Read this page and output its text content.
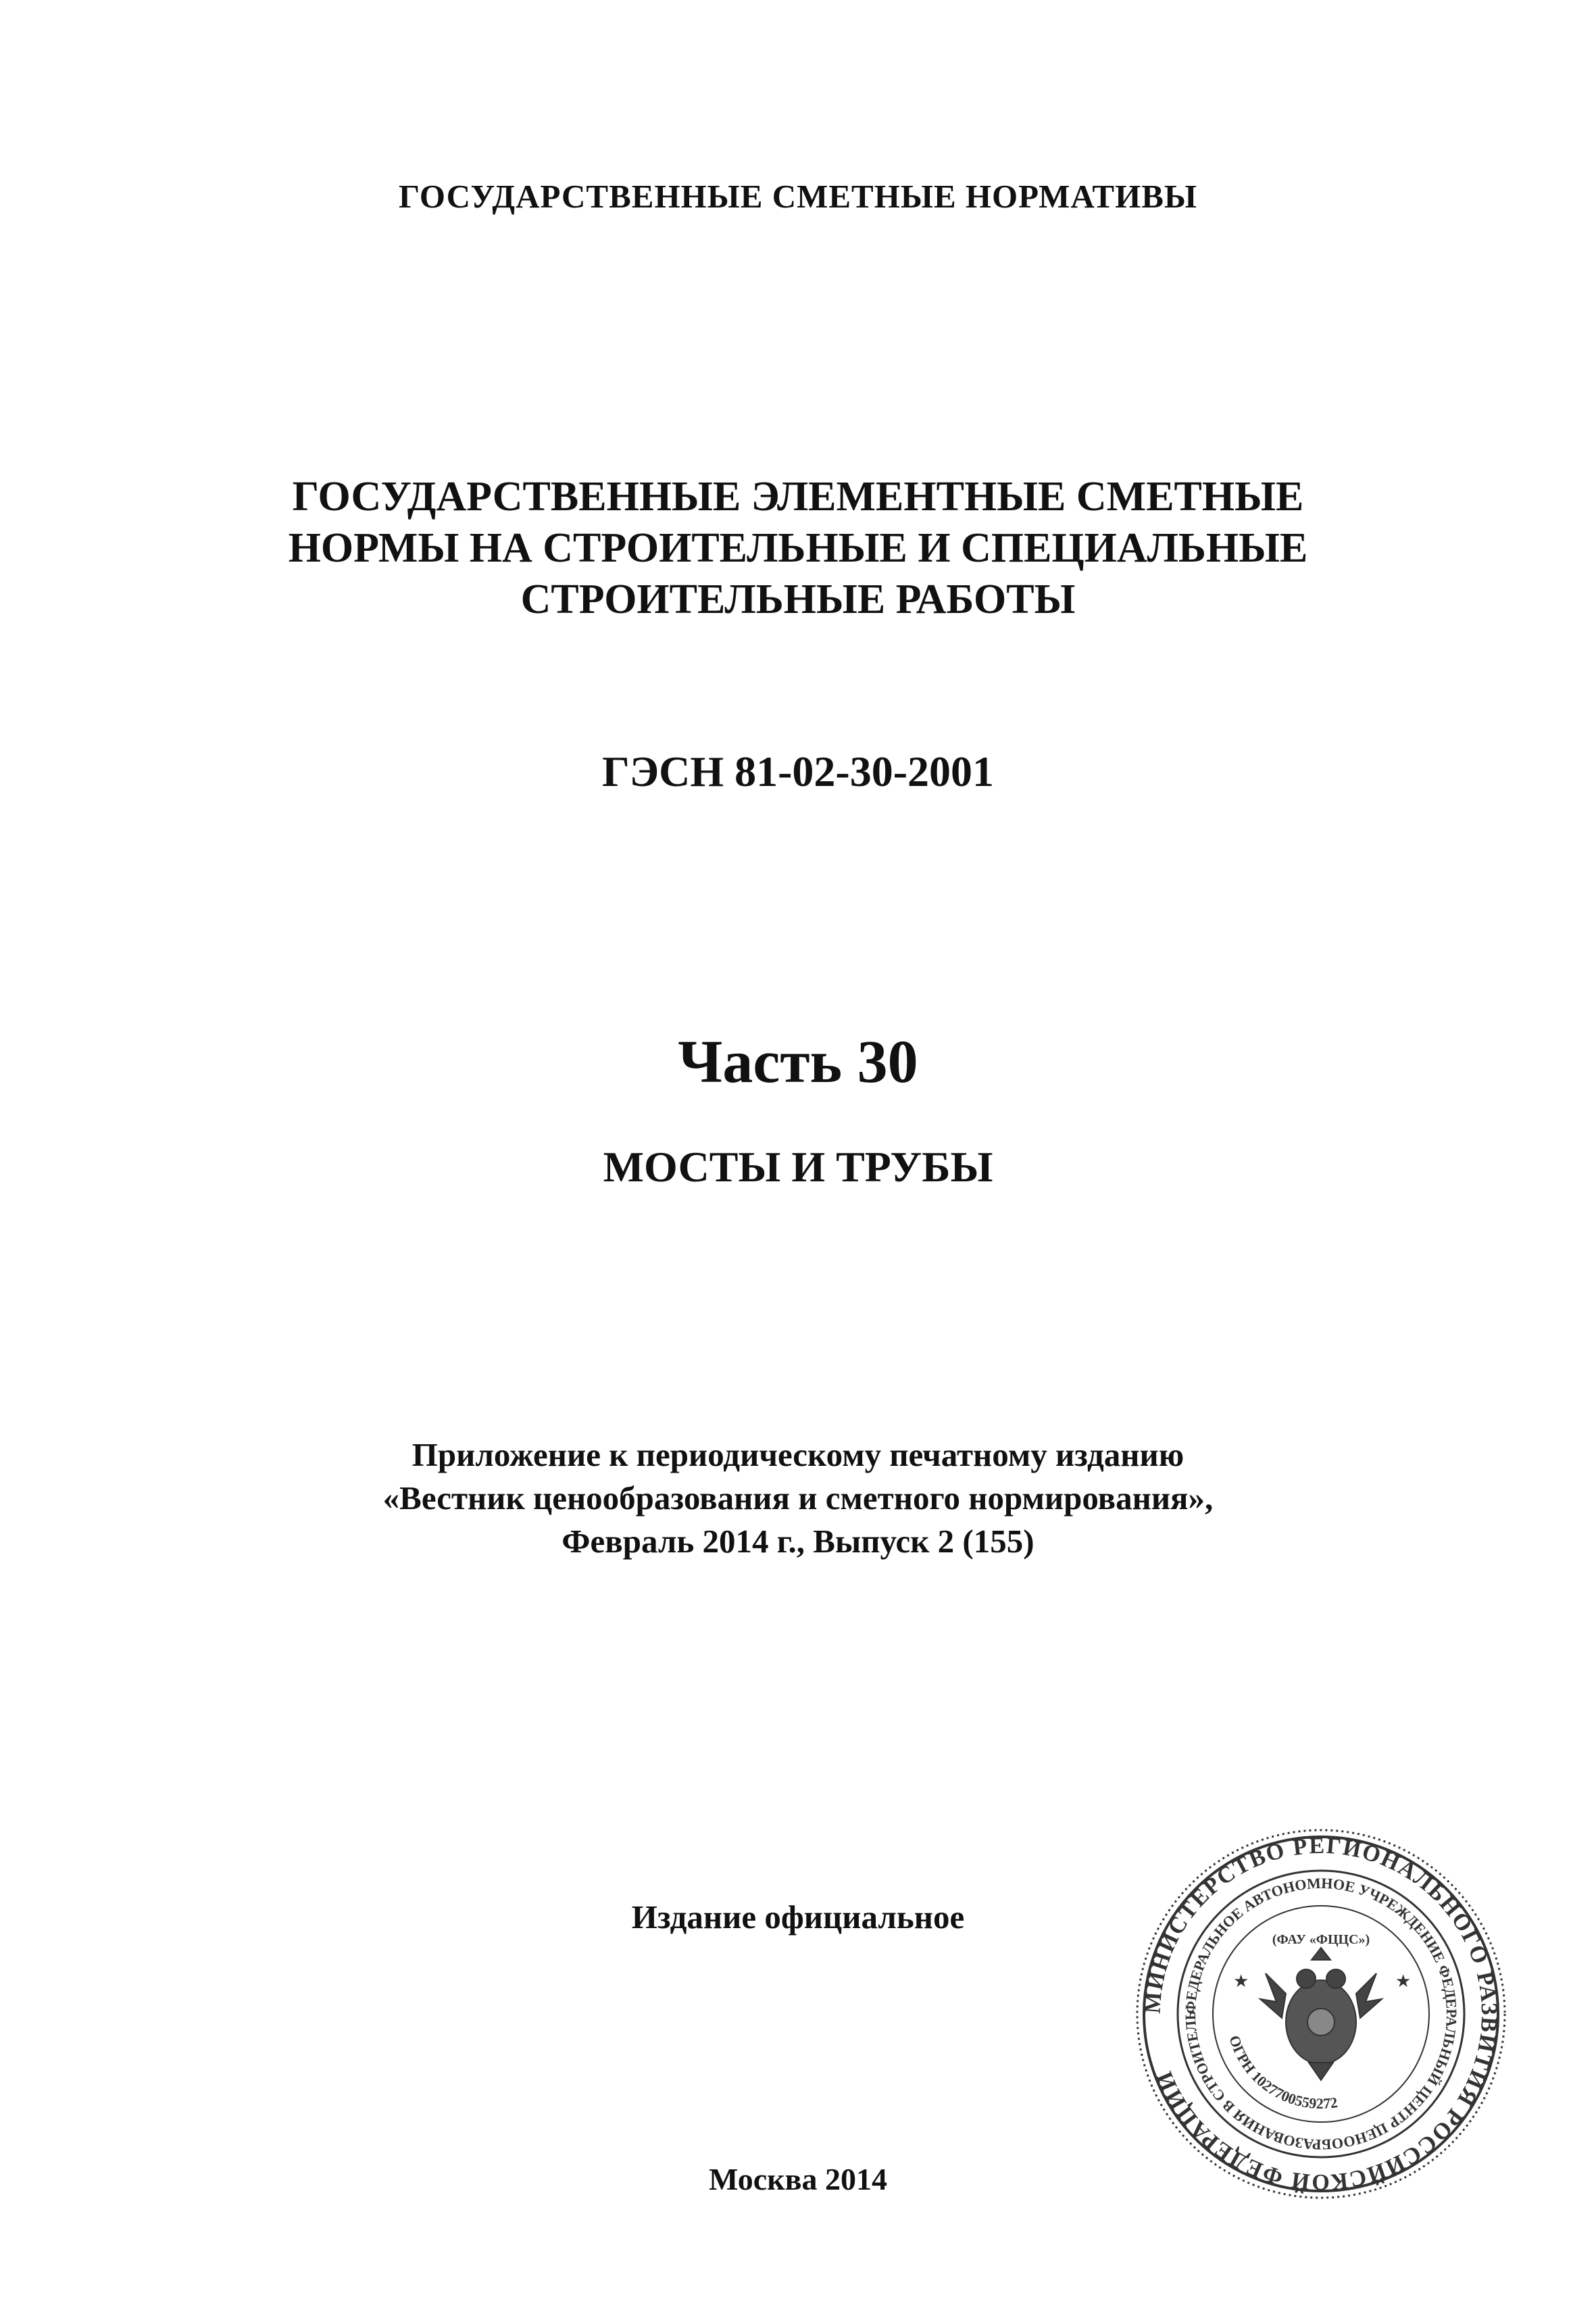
ГОСУДАРСТВЕННЫЕ СМЕТНЫЕ НОРМАТИВЫ
ГОСУДАРСТВЕННЫЕ ЭЛЕМЕНТНЫЕ СМЕТНЫЕ
НОРМЫ НА СТРОИТЕЛЬНЫЕ И СПЕЦИАЛЬНЫЕ
СТРОИТЕЛЬНЫЕ РАБОТЫ
ГЭСН 81-02-30-2001
Часть 30
МОСТЫ И ТРУБЫ
Приложение к периодическому печатному изданию
«Вестник ценообразования и сметного нормирования»,
Февраль 2014 г., Выпуск 2 (155)
Издание официальное
Москва 2014
МИНИСТЕРСТВО РЕГИОНАЛЬНОГО РАЗВИТИЯ РОССИЙСКОЙ ФЕДЕРАЦИИ
ФЕДЕРАЛЬНОЕ АВТОНОМНОЕ УЧРЕЖДЕНИЕ ФЕДЕРАЛЬНЫЙ ЦЕНТР ЦЕНООБРАЗОВАНИЯ В СТРОИТЕЛЬ
ОГРН 1027700559272
★	★
(ФАУ «ФЦЦС»)
